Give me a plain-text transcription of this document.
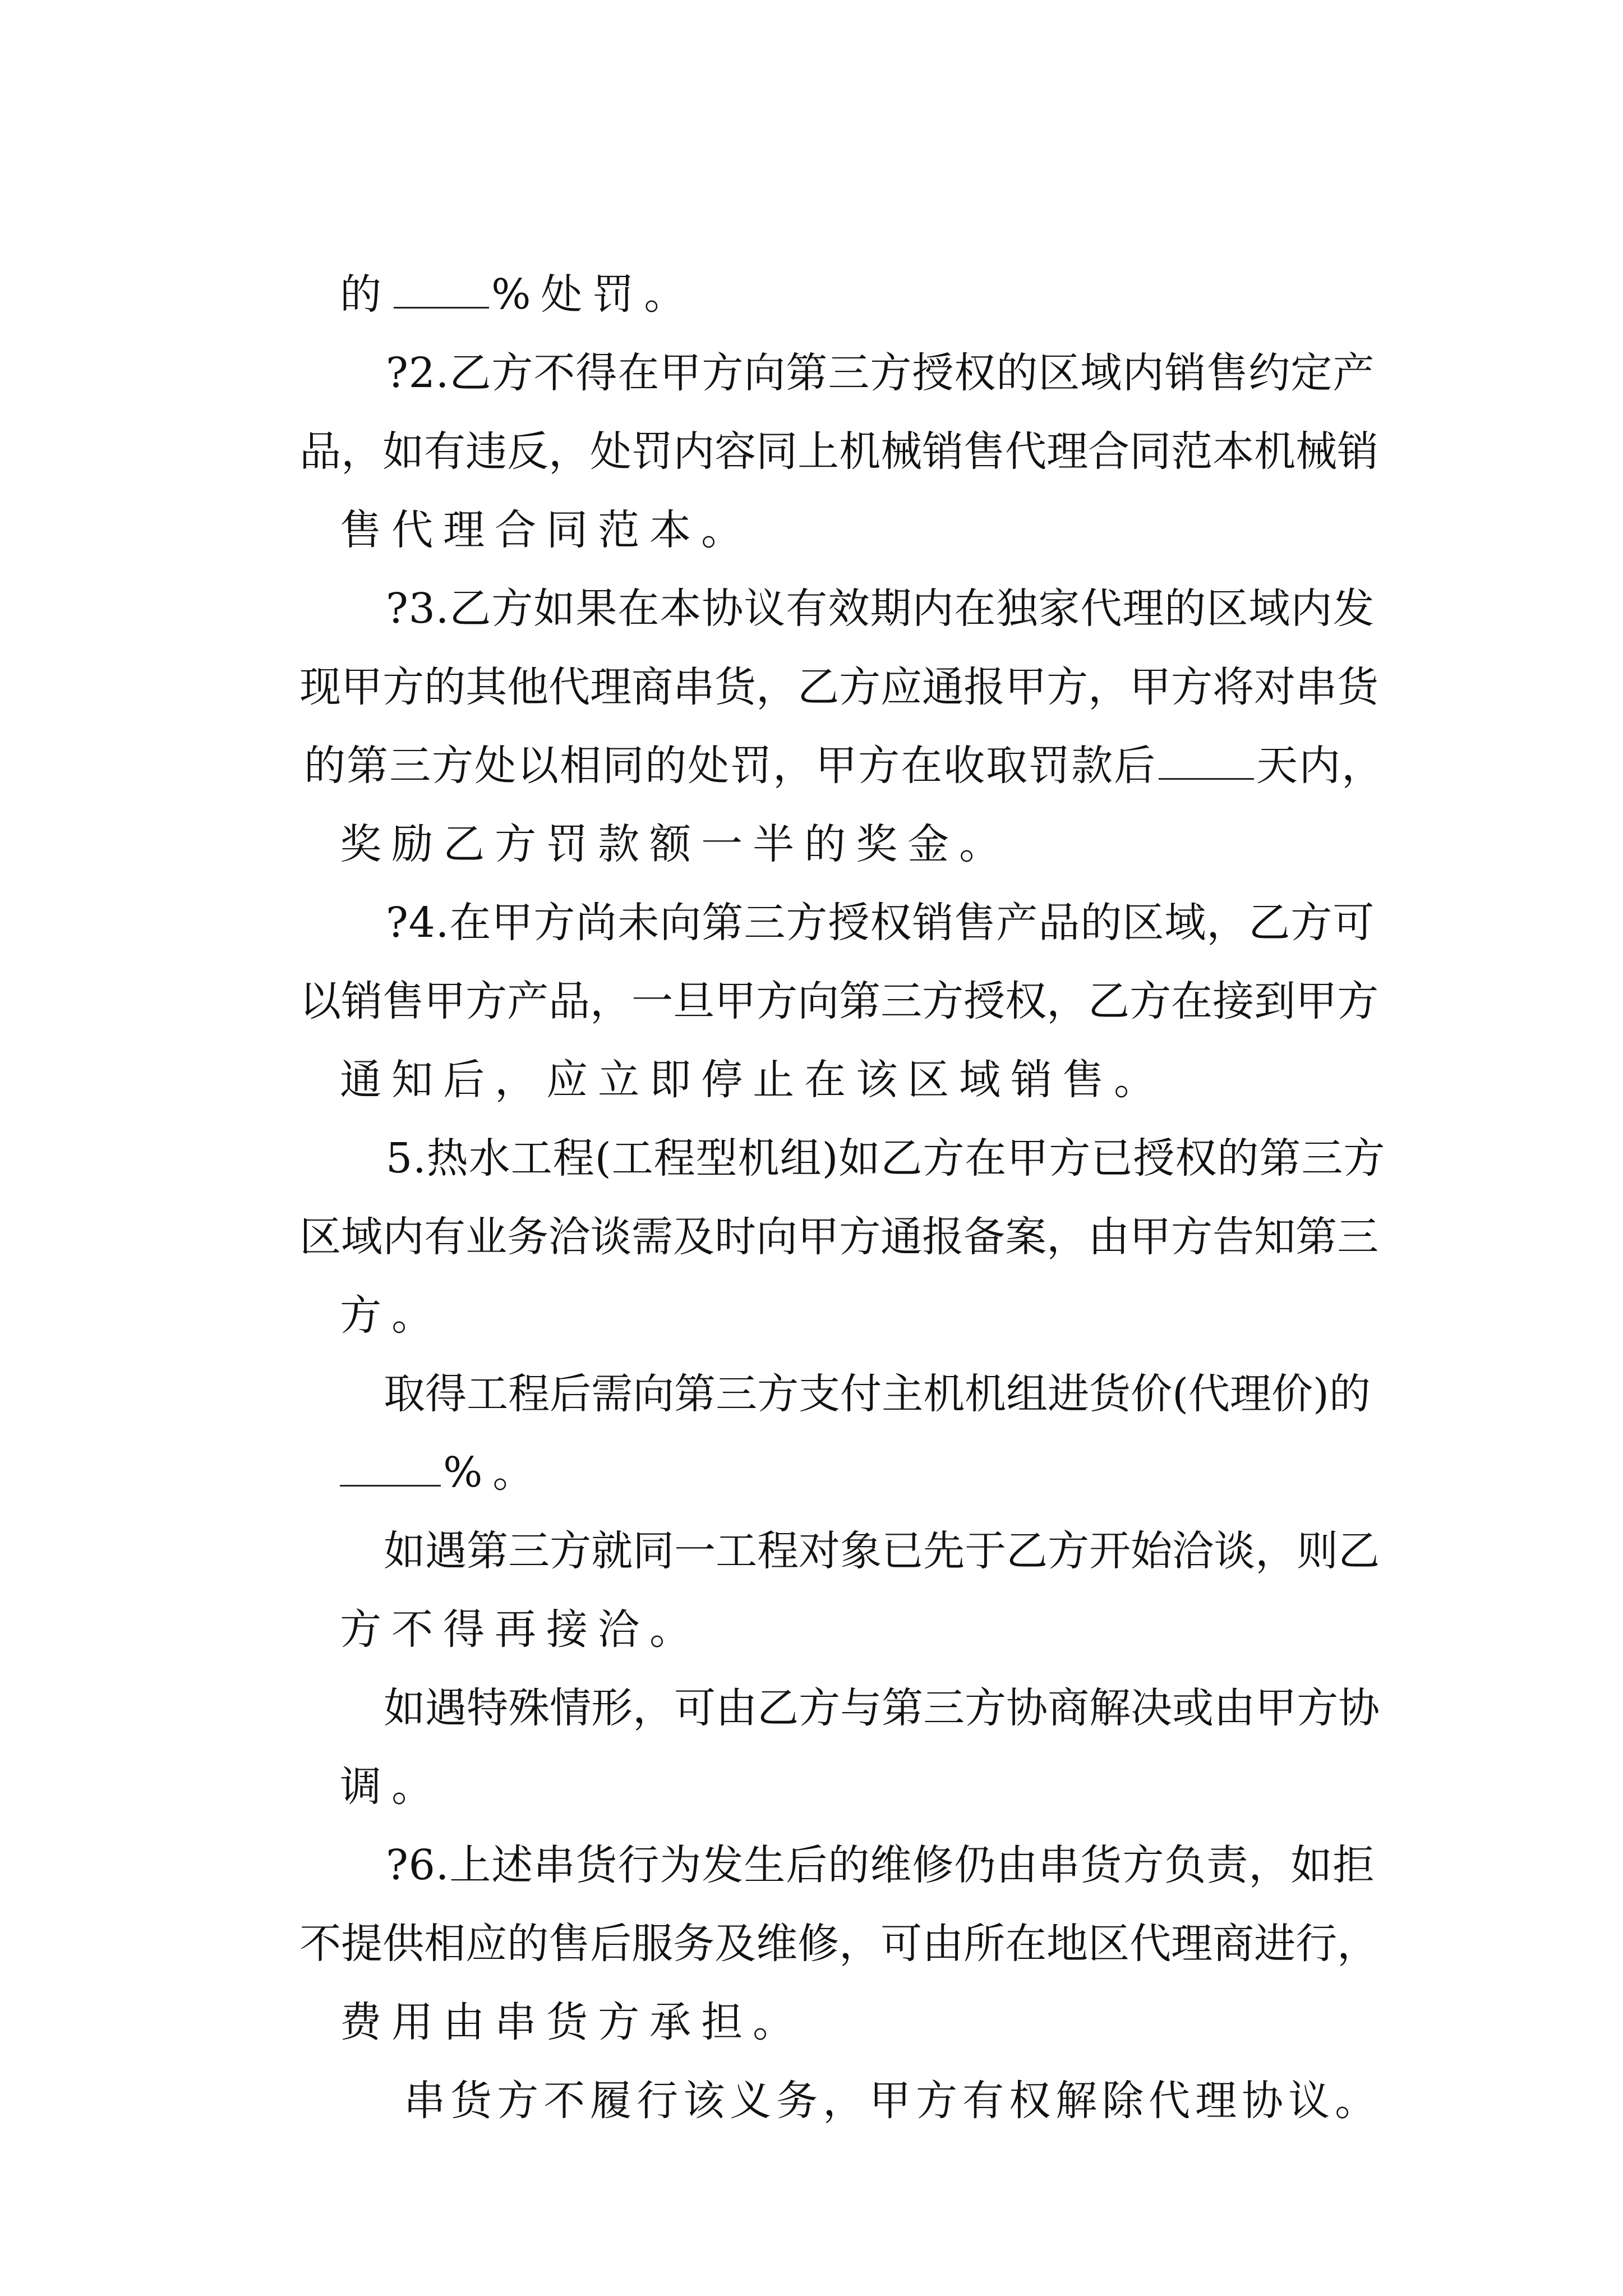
的 %处罚。

?2.乙方不得在甲方向第三方授权的区域内销售约定产

品，如有违反，处罚内容同上机械销售代理合同范本机械销

售代理合同范本。

?3.乙方如果在本协议有效期内在独家代理的区域内发

现甲方的其他代理商串货，乙方应通报甲方，甲方将对串货

的第三方处以相同的处罚，甲方在收取罚款后 天内，

奖励乙方罚款额一半的奖金。

?4.在甲方尚未向第三方授权销售产品的区域，乙方可

以销售甲方产品，一旦甲方向第三方授权，乙方在接到甲方

通知后，应立即停止在该区域销售。

5.热水工程(工程型机组)如乙方在甲方已授权的第三方

区域内有业务洽谈需及时向甲方通报备案，由甲方告知第三

方。

取得工程后需向第三方支付主机机组进货价(代理价)的

%。

如遇第三方就同一工程对象已先于乙方开始洽谈，则乙

方不得再接洽。

如遇特殊情形，可由乙方与第三方协商解决或由甲方协

调。

?6.上述串货行为发生后的维修仍由串货方负责，如拒

不提供相应的售后服务及维修，可由所在地区代理商进行，

费用由串货方承担。

串货方不履行该义务，甲方有权解除代理协议。
